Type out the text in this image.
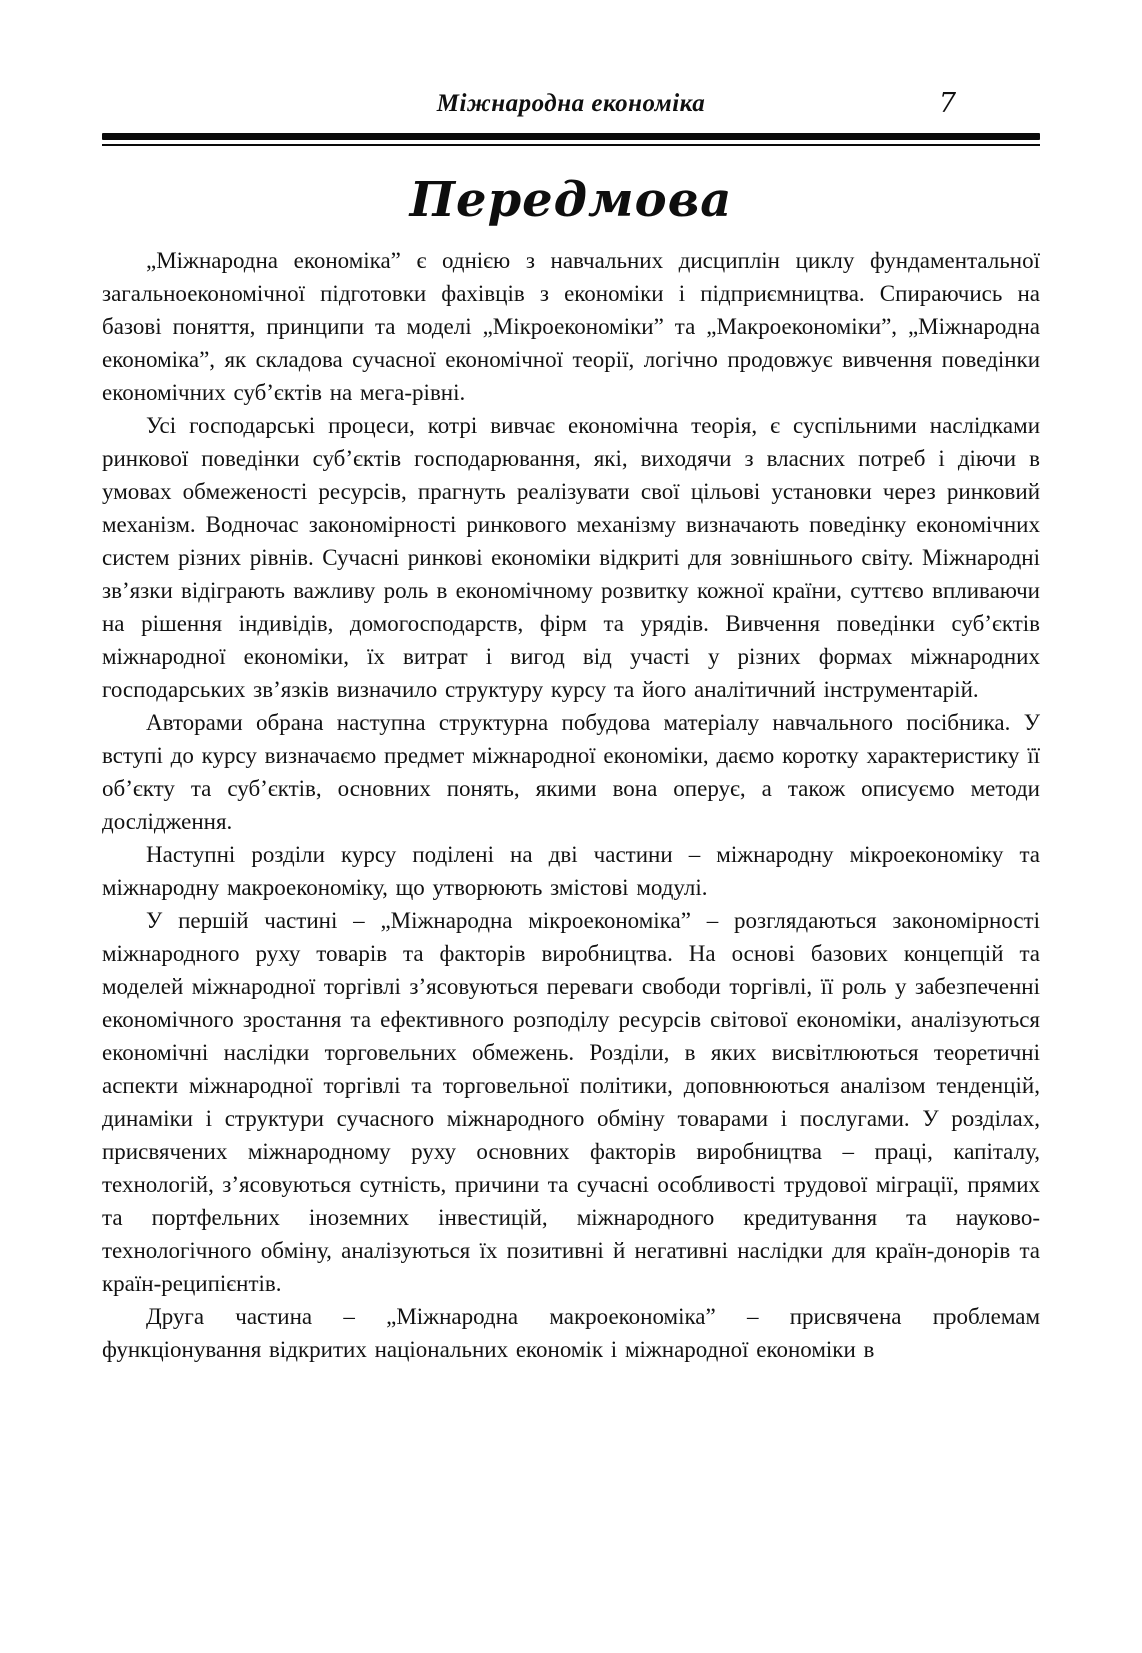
Міжнародна економіка	7
Передмова

„Міжнародна економіка” є однією з навчальних дисциплін циклу фундаментальної загальноекономічної підготовки фахівців з економіки і підприємництва. Спираючись на базові поняття, принципи та моделі „Мікроекономіки” та „Макроекономіки”, „Міжнародна економіка”, як складова сучасної економічної теорії, логічно продовжує вивчення поведінки економічних суб’єктів на мега-рівні.

Усі господарські процеси, котрі вивчає економічна теорія, є суспільними наслідками ринкової поведінки суб’єктів господарювання, які, виходячи з власних потреб і діючи в умовах обмеженості ресурсів, прагнуть реалізувати свої цільові установки через ринковий механізм. Водночас закономірності ринкового механізму визначають поведінку економічних систем різних рівнів. Сучасні ринкові економіки відкриті для зовнішнього світу. Міжнародні зв’язки відіграють важливу роль в економічному розвитку кожної країни, суттєво впливаючи на рішення індивідів, домогосподарств, фірм та урядів. Вивчення поведінки суб’єктів міжнародної економіки, їх витрат і вигод від участі у різних формах міжнародних господарських зв’язків визначило структуру курсу та його аналітичний інструментарій.

Авторами обрана наступна структурна побудова матеріалу навчального посібника. У вступі до курсу визначаємо предмет міжнародної економіки, даємо коротку характеристику її об’єкту та суб’єктів, основних понять, якими вона оперує, а також описуємо методи дослідження.

Наступні розділи курсу поділені на дві частини – міжнародну мікроекономіку та міжнародну макроекономіку, що утворюють змістові модулі.

У першій частині – „Міжнародна мікроекономіка” – розглядаються закономірності міжнародного руху товарів та факторів виробництва. На основі базових концепцій та моделей міжнародної торгівлі з’ясовуються переваги свободи торгівлі, її роль у забезпеченні економічного зростання та ефективного розподілу ресурсів світової економіки, аналізуються економічні наслідки торговельних обмежень. Розділи, в яких висвітлюються теоретичні аспекти міжнародної торгівлі та торговельної політики, доповнюються аналізом тенденцій, динаміки і структури сучасного міжнародного обміну товарами і послугами. У розділах, присвячених міжнародному руху основних факторів виробництва – праці, капіталу, технологій, з’ясовуються сутність, причини та сучасні особливості трудової міграції, прямих та портфельних іноземних інвестицій, міжнародного кредитування та науково-технологічного обміну, аналізуються їх позитивні й негативні наслідки для країн-донорів та країн-реципієнтів.

Друга частина – „Міжнародна макроекономіка” – присвячена проблемам функціонування відкритих національних економік і міжнародної економіки в
